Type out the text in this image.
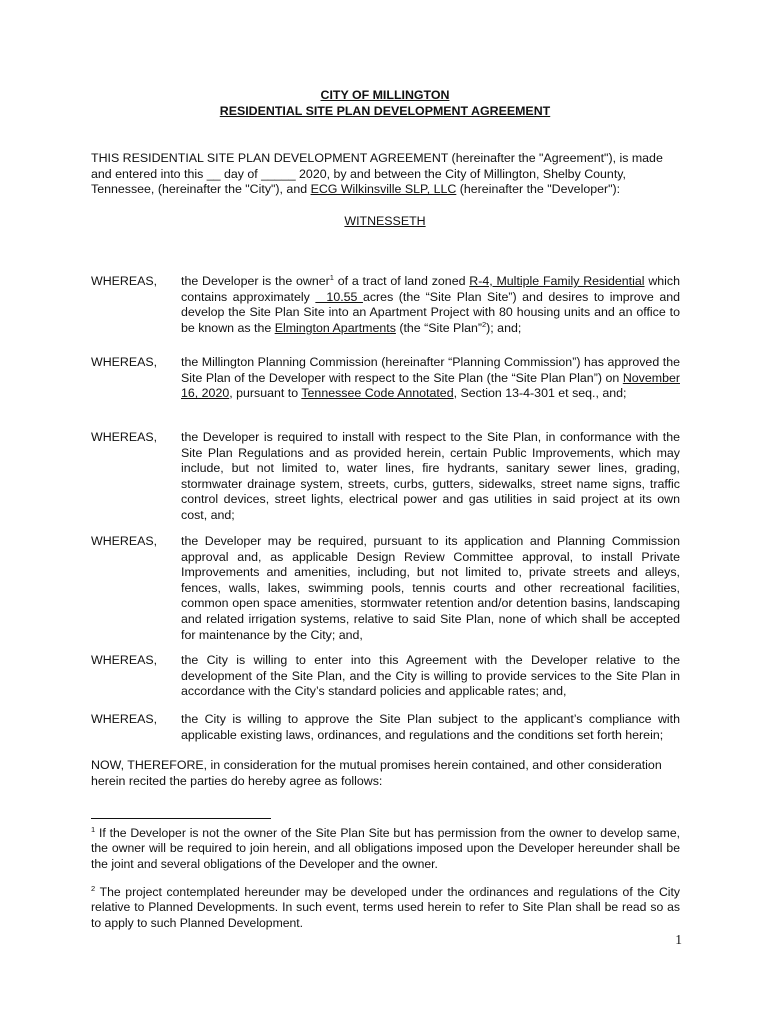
CITY OF MILLINGTON
RESIDENTIAL SITE PLAN DEVELOPMENT AGREEMENT
THIS RESIDENTIAL SITE PLAN DEVELOPMENT AGREEMENT (hereinafter the "Agreement"), is made and entered into this __ day of _____ 2020, by and between the City of Millington, Shelby County, Tennessee, (hereinafter the "City"), and ECG Wilkinsville SLP, LLC (hereinafter the "Developer"):
WITNESSETH
WHEREAS, the Developer is the owner$^1$ of a tract of land zoned R-4, Multiple Family Residential which contains approximately   10.55 acres (the “Site Plan Site”) and desires to improve and develop the Site Plan Site into an Apartment Project with 80 housing units and an office to be known as the Elmington Apartments (the “Site Plan”$^2$); and;
WHEREAS, the Millington Planning Commission (hereinafter “Planning Commission”) has approved the Site Plan of the Developer with respect to the Site Plan (the “Site Plan Plan”) on November 16, 2020, pursuant to Tennessee Code Annotated, Section 13-4-301 et seq., and;
WHEREAS, the Developer is required to install with respect to the Site Plan, in conformance with the Site Plan Regulations and as provided herein, certain Public Improvements, which may include, but not limited to, water lines, fire hydrants, sanitary sewer lines, grading, stormwater drainage system, streets, curbs, gutters, sidewalks, street name signs, traffic control devices, street lights, electrical power and gas utilities in said project at its own cost, and;
WHEREAS, the Developer may be required, pursuant to its application and Planning Commission approval and, as applicable Design Review Committee approval, to install Private Improvements and amenities, including, but not limited to, private streets and alleys, fences, walls, lakes, swimming pools, tennis courts and other recreational facilities, common open space amenities, stormwater retention and/or detention basins, landscaping and related irrigation systems, relative to said Site Plan, none of which shall be accepted for maintenance by the City; and,
WHEREAS, the City is willing to enter into this Agreement with the Developer relative to the development of the Site Plan, and the City is willing to provide services to the Site Plan in accordance with the City’s standard policies and applicable rates; and,
WHEREAS, the City is willing to approve the Site Plan subject to the applicant’s compliance with applicable existing laws, ordinances, and regulations and the conditions set forth herein;
NOW, THEREFORE, in consideration for the mutual promises herein contained, and other consideration herein recited the parties do hereby agree as follows:
$^1$ If the Developer is not the owner of the Site Plan Site but has permission from the owner to develop same, the owner will be required to join herein, and all obligations imposed upon the Developer hereunder shall be the joint and several obligations of the Developer and the owner.
$^2$ The project contemplated hereunder may be developed under the ordinances and regulations of the City relative to Planned Developments. In such event, terms used herein to refer to Site Plan shall be read so as to apply to such Planned Development.
1
